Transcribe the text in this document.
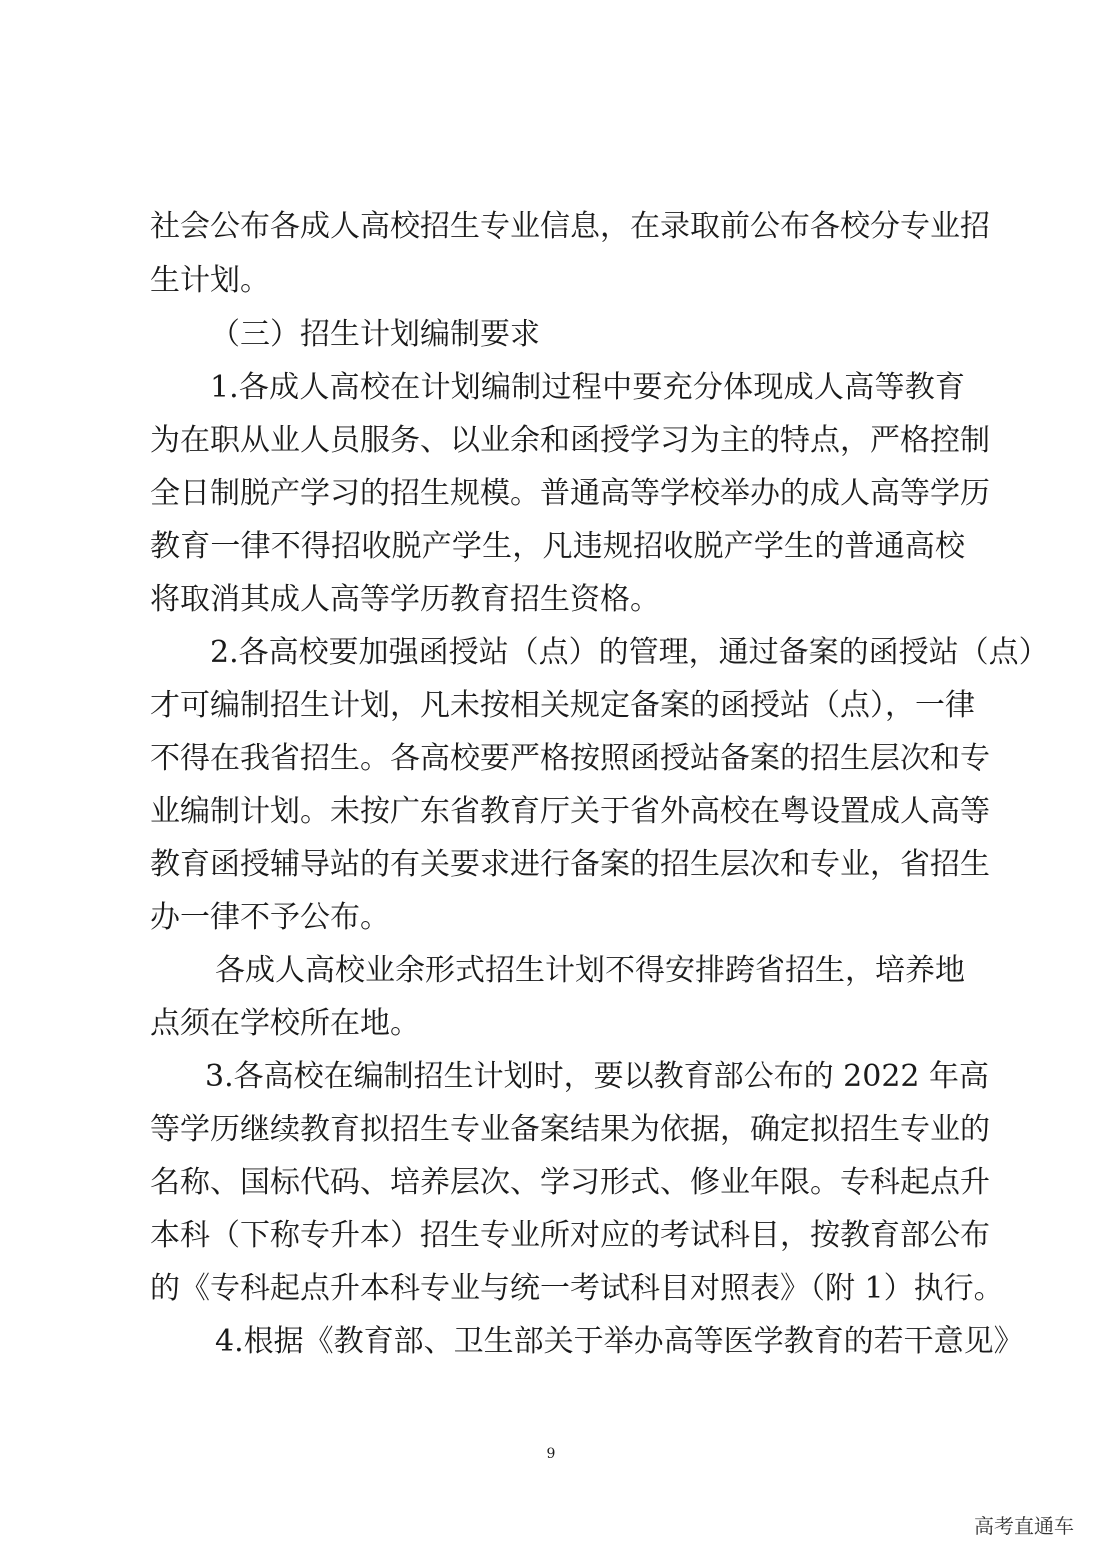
社会公布各成人高校招生专业信息，在录取前公布各校分专业招
生计划。
（三）招生计划编制要求
1.各成人高校在计划编制过程中要充分体现成人高等教育
为在职从业人员服务、以业余和函授学习为主的特点，严格控制
全日制脱产学习的招生规模。普通高等学校举办的成人高等学历
教育一律不得招收脱产学生，凡违规招收脱产学生的普通高校
将取消其成人高等学历教育招生资格。
2.各高校要加强函授站（点）的管理，通过备案的函授站（点）
才可编制招生计划，凡未按相关规定备案的函授站（点），一律
不得在我省招生。各高校要严格按照函授站备案的招生层次和专
业编制计划。未按广东省教育厅关于省外高校在粤设置成人高等
教育函授辅导站的有关要求进行备案的招生层次和专业，省招生
办一律不予公布。
各成人高校业余形式招生计划不得安排跨省招生，培养地
点须在学校所在地。
3.各高校在编制招生计划时，要以教育部公布的 2022 年高
等学历继续教育拟招生专业备案结果为依据，确定拟招生专业的
名称、国标代码、培养层次、学习形式、修业年限。专科起点升
本科（下称专升本）招生专业所对应的考试科目，按教育部公布
的《专科起点升本科专业与统一考试科目对照表》（附 1）执行。
4.根据《教育部、卫生部关于举办高等医学教育的若干意见》
9
高考直通车
